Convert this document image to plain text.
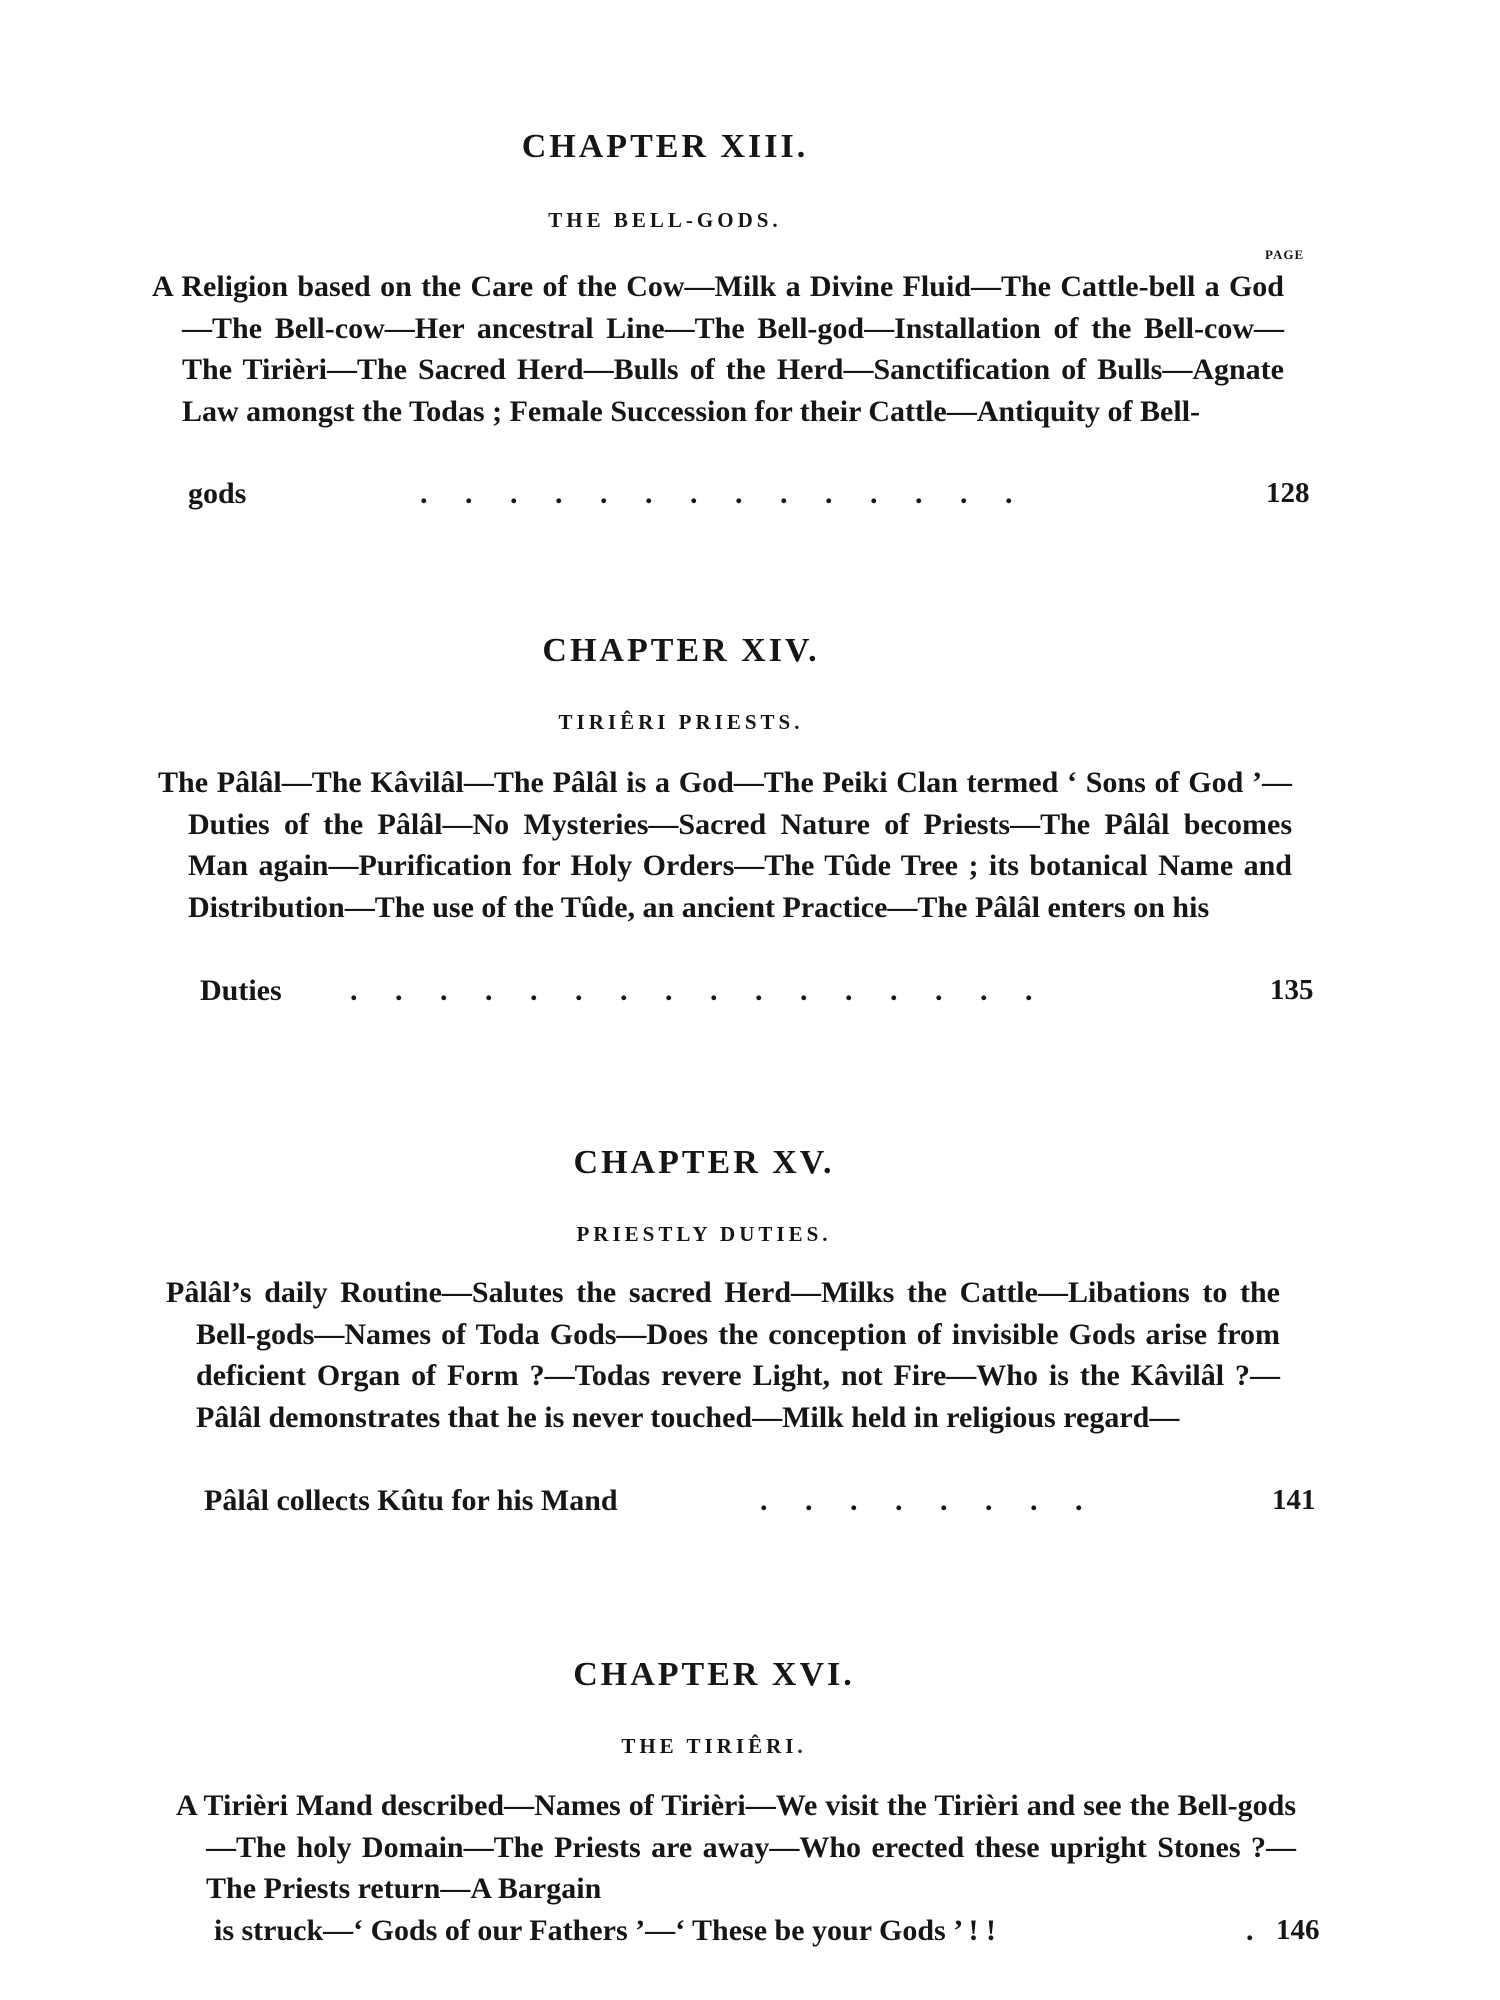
CHAPTER XIII.
THE BELL-GODS.
PAGE
A Religion based on the Care of the Cow—Milk a Divine Fluid—The Cattle-bell a God—The Bell-cow—Her ancestral Line—The Bell-god—Installation of the Bell-cow—The Tirièri—The Sacred Herd—Bulls of the Herd—Sanctification of Bulls—Agnate Law amongst the Todas ; Female Succession for their Cattle—Antiquity of Bell-
gods	.     .     .     .     .     .     .     .     .     .     .     .     .     .	128
CHAPTER XIV.
TIRIÊRI PRIESTS.
The Pâlâl—The Kâvilâl—The Pâlâl is a God—The Peiki Clan termed ‘ Sons of God ’—Duties of the Pâlâl—No Mysteries—Sacred Nature of Priests—The Pâlâl becomes Man again—Purification for Holy Orders—The Tûde Tree ; its botanical Name and Distribution—The use of the Tûde, an ancient Practice—The Pâlâl enters on his
Duties .     .     .     .     .     .     .     .     .     .     .     .     .     .     .     .	135
CHAPTER XV.
PRIESTLY DUTIES.
Pâlâl’s daily Routine—Salutes the sacred Herd—Milks the Cattle—Libations to the Bell-gods—Names of Toda Gods—Does the conception of invisible Gods arise from deficient Organ of Form ?—Todas revere Light, not Fire—Who is the Kâvilâl ?—Pâlâl demonstrates that he is never touched—Milk held in religious regard—
Pâlâl collects Kûtu for his Mand	.     .     .     .     .     .     .     .	141
CHAPTER XVI.
THE TIRIÊRI.
A Tirièri Mand described—Names of Tirièri—We visit the Tirièri and see the Bell-gods—The holy Domain—The Priests are away—Who erected these upright Stones ?—The Priests return—A Bargain
is struck—‘ Gods of our Fathers ’—‘ These be your Gods ’ ! !	. 146
